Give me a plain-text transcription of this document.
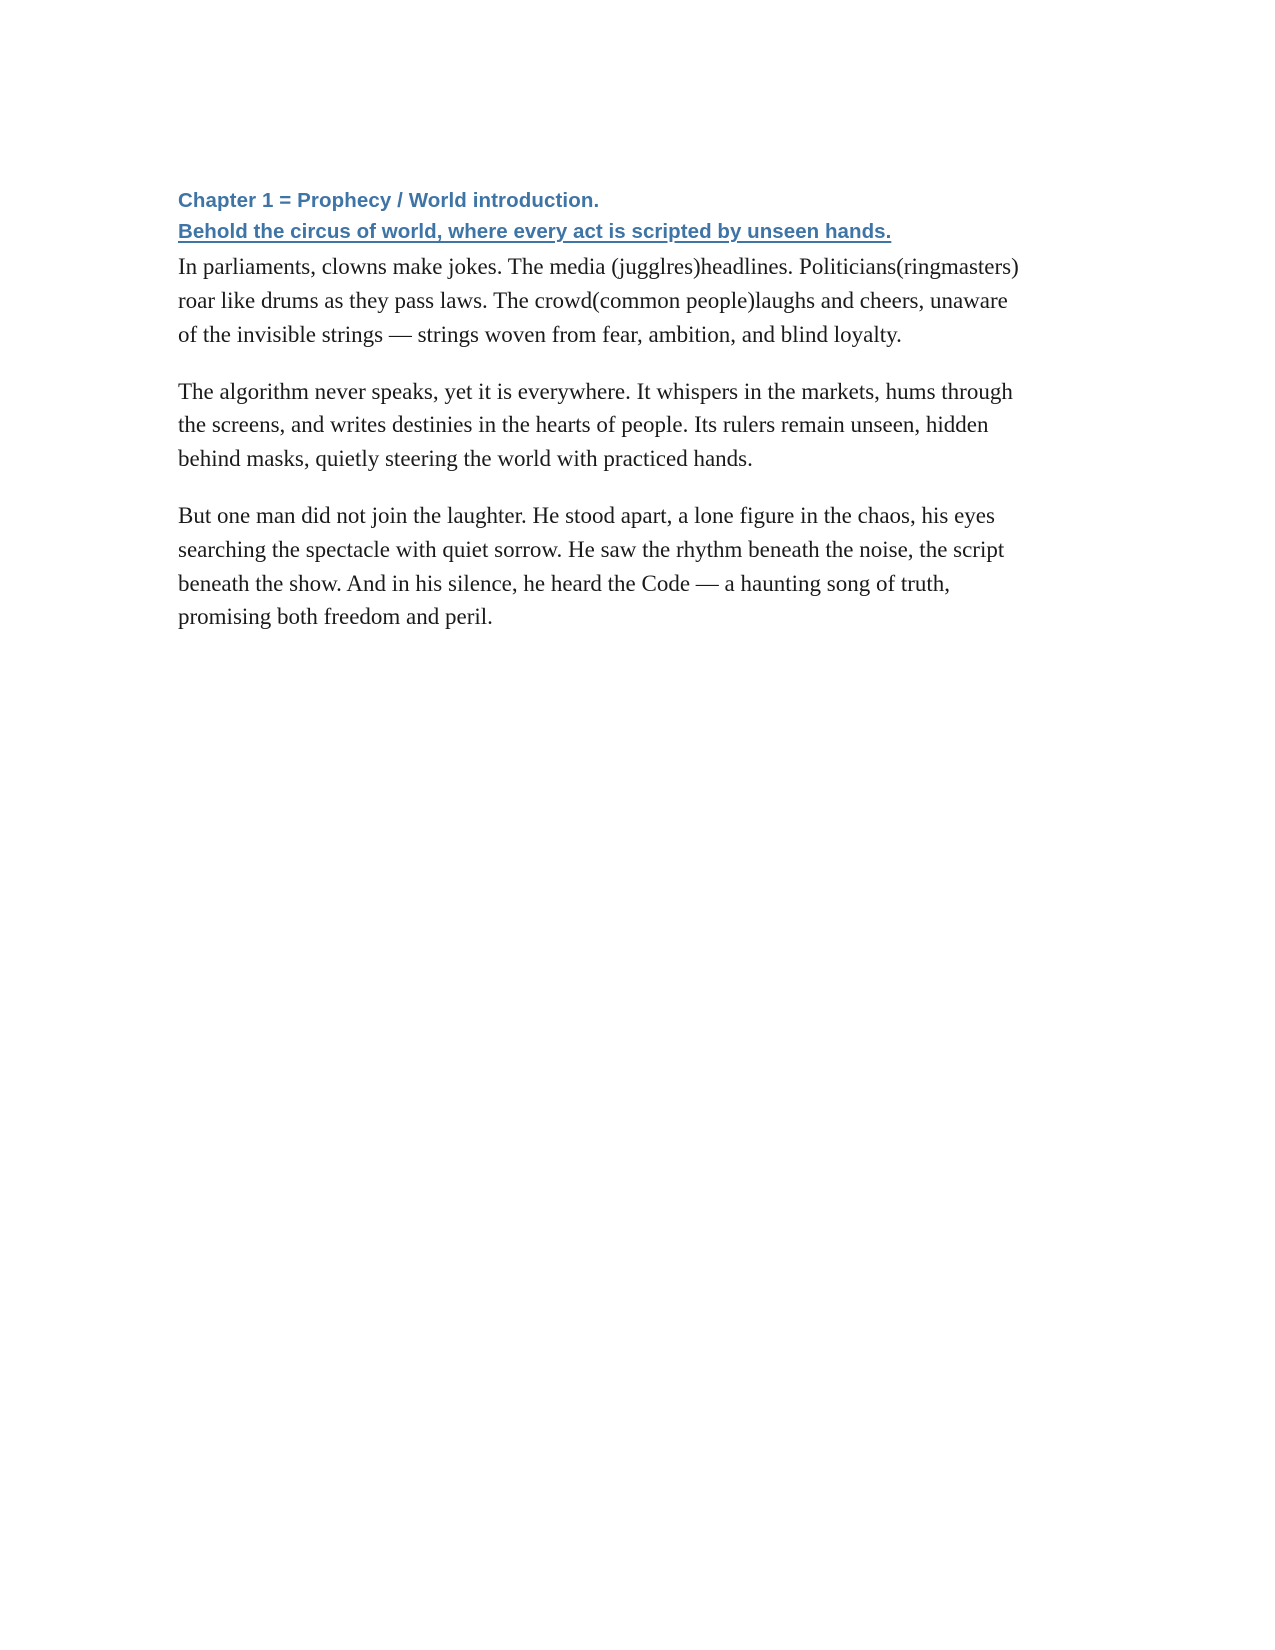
Chapter 1 = Prophecy / World introduction.

Behold the circus of world, where every act is scripted by unseen hands.

In parliaments, clowns make jokes. The media (jugglres)headlines. Politicians(ringmasters) roar like drums as they pass laws. The crowd(common people)laughs and cheers, unaware of the invisible strings — strings woven from fear, ambition, and blind loyalty.

The algorithm never speaks, yet it is everywhere. It whispers in the markets, hums through the screens, and writes destinies in the hearts of people. Its rulers remain unseen, hidden behind masks, quietly steering the world with practiced hands.

But one man did not join the laughter. He stood apart, a lone figure in the chaos, his eyes searching the spectacle with quiet sorrow. He saw the rhythm beneath the noise, the script beneath the show. And in his silence, he heard the Code — a haunting song of truth, promising both freedom and peril.
